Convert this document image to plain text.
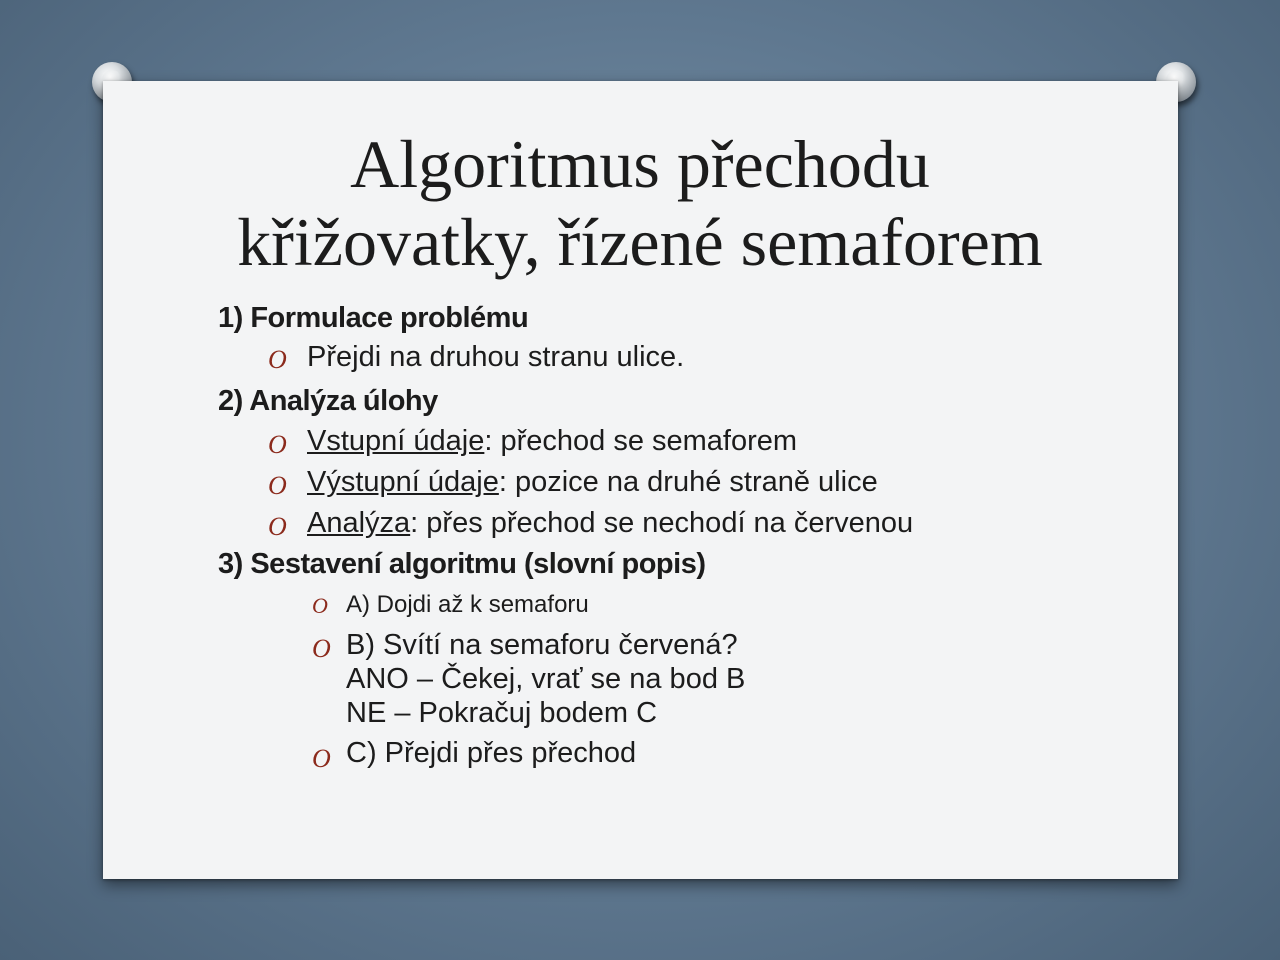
Algoritmus přechodu
křižovatky, řízené semaforem
1) Formulace problému
O Přejdi na druhou stranu ulice.
2) Analýza úlohy
O Vstupní údaje: přechod se semaforem
O Výstupní údaje: pozice na druhé straně ulice
O Analýza: přes přechod se nechodí na červenou
3) Sestavení algoritmu (slovní popis)
O A) Dojdi až k semaforu
O B) Svítí na semaforu červená?
ANO – Čekej, vrať se na bod B
NE – Pokračuj bodem C
O C) Přejdi přes přechod
